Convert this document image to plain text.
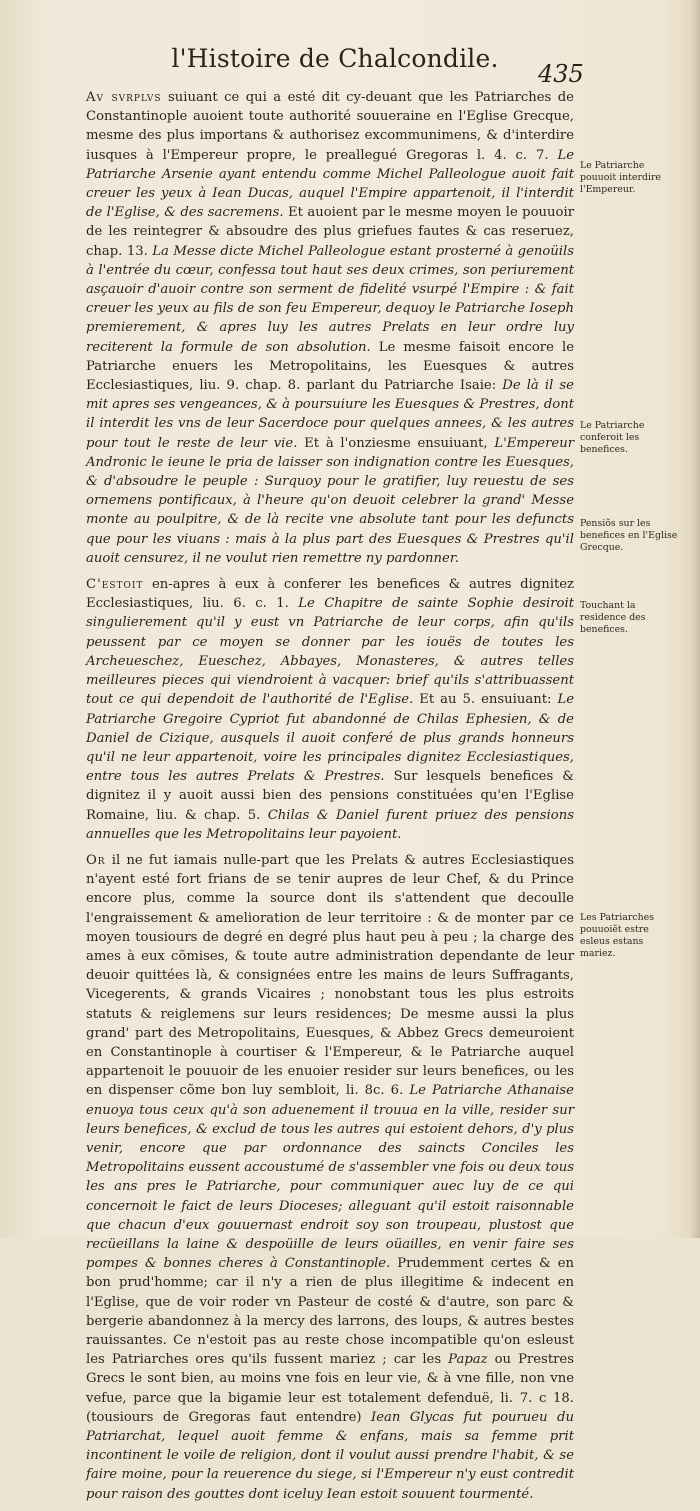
l'Histoire de Chalcondile.
435

Av svrplvs suiuant ce qui a esté dit cy-deuant que les Patriarches de Constantinople auoient toute authorité souueraine en l'Eglise Grecque, mesme des plus importans & authorisez excommunimens, & d'interdire iusques à l'Empereur propre, le preallegué Gregoras l. 4. c. 7. Le Patriarche Arsenie ayant entendu comme Michel Palleologue auoit fait creuer les yeux à Iean Ducas, auquel l'Empire appartenoit, il l'interdit de l'Eglise, & des sacremens. Et auoient par le mesme moyen le pouuoir de les reintegrer & absoudre des plus griefues fautes & cas reseruez, chap. 13. La Messe dicte Michel Palleologue estant prosterné à genoüils à l'entrée du cœur, confessa tout haut ses deux crimes, son periurement asçauoir d'auoir contre son serment de fidelité vsurpé l'Empire : & fait creuer les yeux au fils de son feu Empereur, dequoy le Patriarche Ioseph premierement, & apres luy les autres Prelats en leur ordre luy reciterent la formule de son absolution. Le mesme faisoit encore le Patriarche enuers les Metropolitains, les Euesques & autres Ecclesiastiques, liu. 9. chap. 8. parlant du Patriarche Isaie: De là il se mit apres ses vengeances, & à poursuiure les Euesques & Prestres, dont il interdit les vns de leur Sacerdoce pour quelques annees, & les autres pour tout le reste de leur vie. Et à l'onziesme ensuiuant, L'Empereur Andronic le ieune le pria de laisser son indignation contre les Euesques, & d'absoudre le peuple : Surquoy pour le gratifier, luy reuestu de ses ornemens pontificaux, à l'heure qu'on deuoit celebrer la grand' Messe monte au poulpitre, & de là recite vne absolute tant pour les defuncts que pour les viuans : mais à la plus part des Euesques & Prestres qu'il auoit censurez, il ne voulut rien remettre ny pardonner.

C'estoit en-apres à eux à conferer les benefices & autres dignitez Ecclesiastiques, liu. 6. c. 1. Le Chapitre de sainte Sophie desiroit singulierement qu'il y eust vn Patriarche de leur corps, afin qu'ils peussent par ce moyen se donner par les iouës de toutes les Archeueschez, Eueschez, Abbayes, Monasteres, & autres telles meilleures pieces qui viendroient à vacquer: brief qu'ils s'attribuassent tout ce qui dependoit de l'authorité de l'Eglise. Et au 5. ensuiuant: Le Patriarche Gregoire Cypriot fut abandonné de Chilas Ephesien, & de Daniel de Cizique, ausquels il auoit conferé de plus grands honneurs qu'il ne leur appartenoit, voire les principales dignitez Ecclesiastiques, entre tous les autres Prelats & Prestres. Sur lesquels benefices & dignitez il y auoit aussi bien des pensions constituées qu'en l'Eglise Romaine, liu. & chap. 5. Chilas & Daniel furent priuez des pensions annuelles que les Metropolitains leur payoient.

Or il ne fut iamais nulle-part que les Prelats & autres Ecclesiastiques n'ayent esté fort frians de se tenir aupres de leur Chef, & du Prince encore plus, comme la source dont ils s'attendent que decoulle l'engraissement & amelioration de leur territoire : & de monter par ce moyen tousiours de degré en degré plus haut peu à peu ; la charge des ames à eux cõmises, & toute autre administration dependante de leur deuoir quittées là, & consignées entre les mains de leurs Suffragants, Vicegerents, & grands Vicaires ; nonobstant tous les plus estroits statuts & reiglemens sur leurs residences; De mesme aussi la plus grand' part des Metropolitains, Euesques, & Abbez Grecs demeuroient en Constantinople à courtiser & l'Empereur, & le Patriarche auquel appartenoit le pouuoir de les enuoier resider sur leurs benefices, ou les en dispenser cõme bon luy sembloit, li. 8c. 6. Le Patriarche Athanaise enuoya tous ceux qu'à son aduenement il trouua en la ville, resider sur leurs benefices, & exclud de tous les autres qui estoient dehors, d'y plus venir, encore que par ordonnance des saincts Conciles les Metropolitains eussent accoustumé de s'assembler vne fois ou deux tous les ans pres le Patriarche, pour communiquer auec luy de ce qui concernoit le faict de leurs Dioceses; alleguant qu'il estoit raisonnable que chacun d'eux gouuernast endroit soy son troupeau, plustost que recüeillans la laine & despoüille de leurs oüailles, en venir faire ses pompes & bonnes cheres à Constantinople. Prudemment certes & en bon prud'homme; car il n'y a rien de plus illegitime & indecent en l'Eglise, que de voir roder vn Pasteur de costé & d'autre, son parc & bergerie abandonnez à la mercy des larrons, des loups, & autres bestes rauissantes. Ce n'estoit pas au reste chose incompatible qu'on esleust les Patriarches ores qu'ils fussent mariez ; car les Papaz ou Prestres Grecs le sont bien, au moins vne fois en leur vie, & à vne fille, non vne vefue, parce que la bigamie leur est totalement defenduë, li. 7. c 18. (tousiours de Gregoras faut entendre) Iean Glycas fut pourueu du Patriarchat, lequel auoit femme & enfans, mais sa femme prit incontinent le voile de religion, dont il voulut aussi prendre l'habit, & se faire moine, pour la reuerence du siege, si l'Empereur n'y eust contredit pour raison des gouttes dont iceluy Iean estoit souuent tourmenté.

Le Patriarche pouuoit interdire l'Empereur.
Le Patriarche conferoit les benefices.
Pensiõs sur les benefices en l'Eglise Grecque.
Touchant la residence des benefices.
Les Patriarches pouuoiẽt estre esleus estans mariez.
